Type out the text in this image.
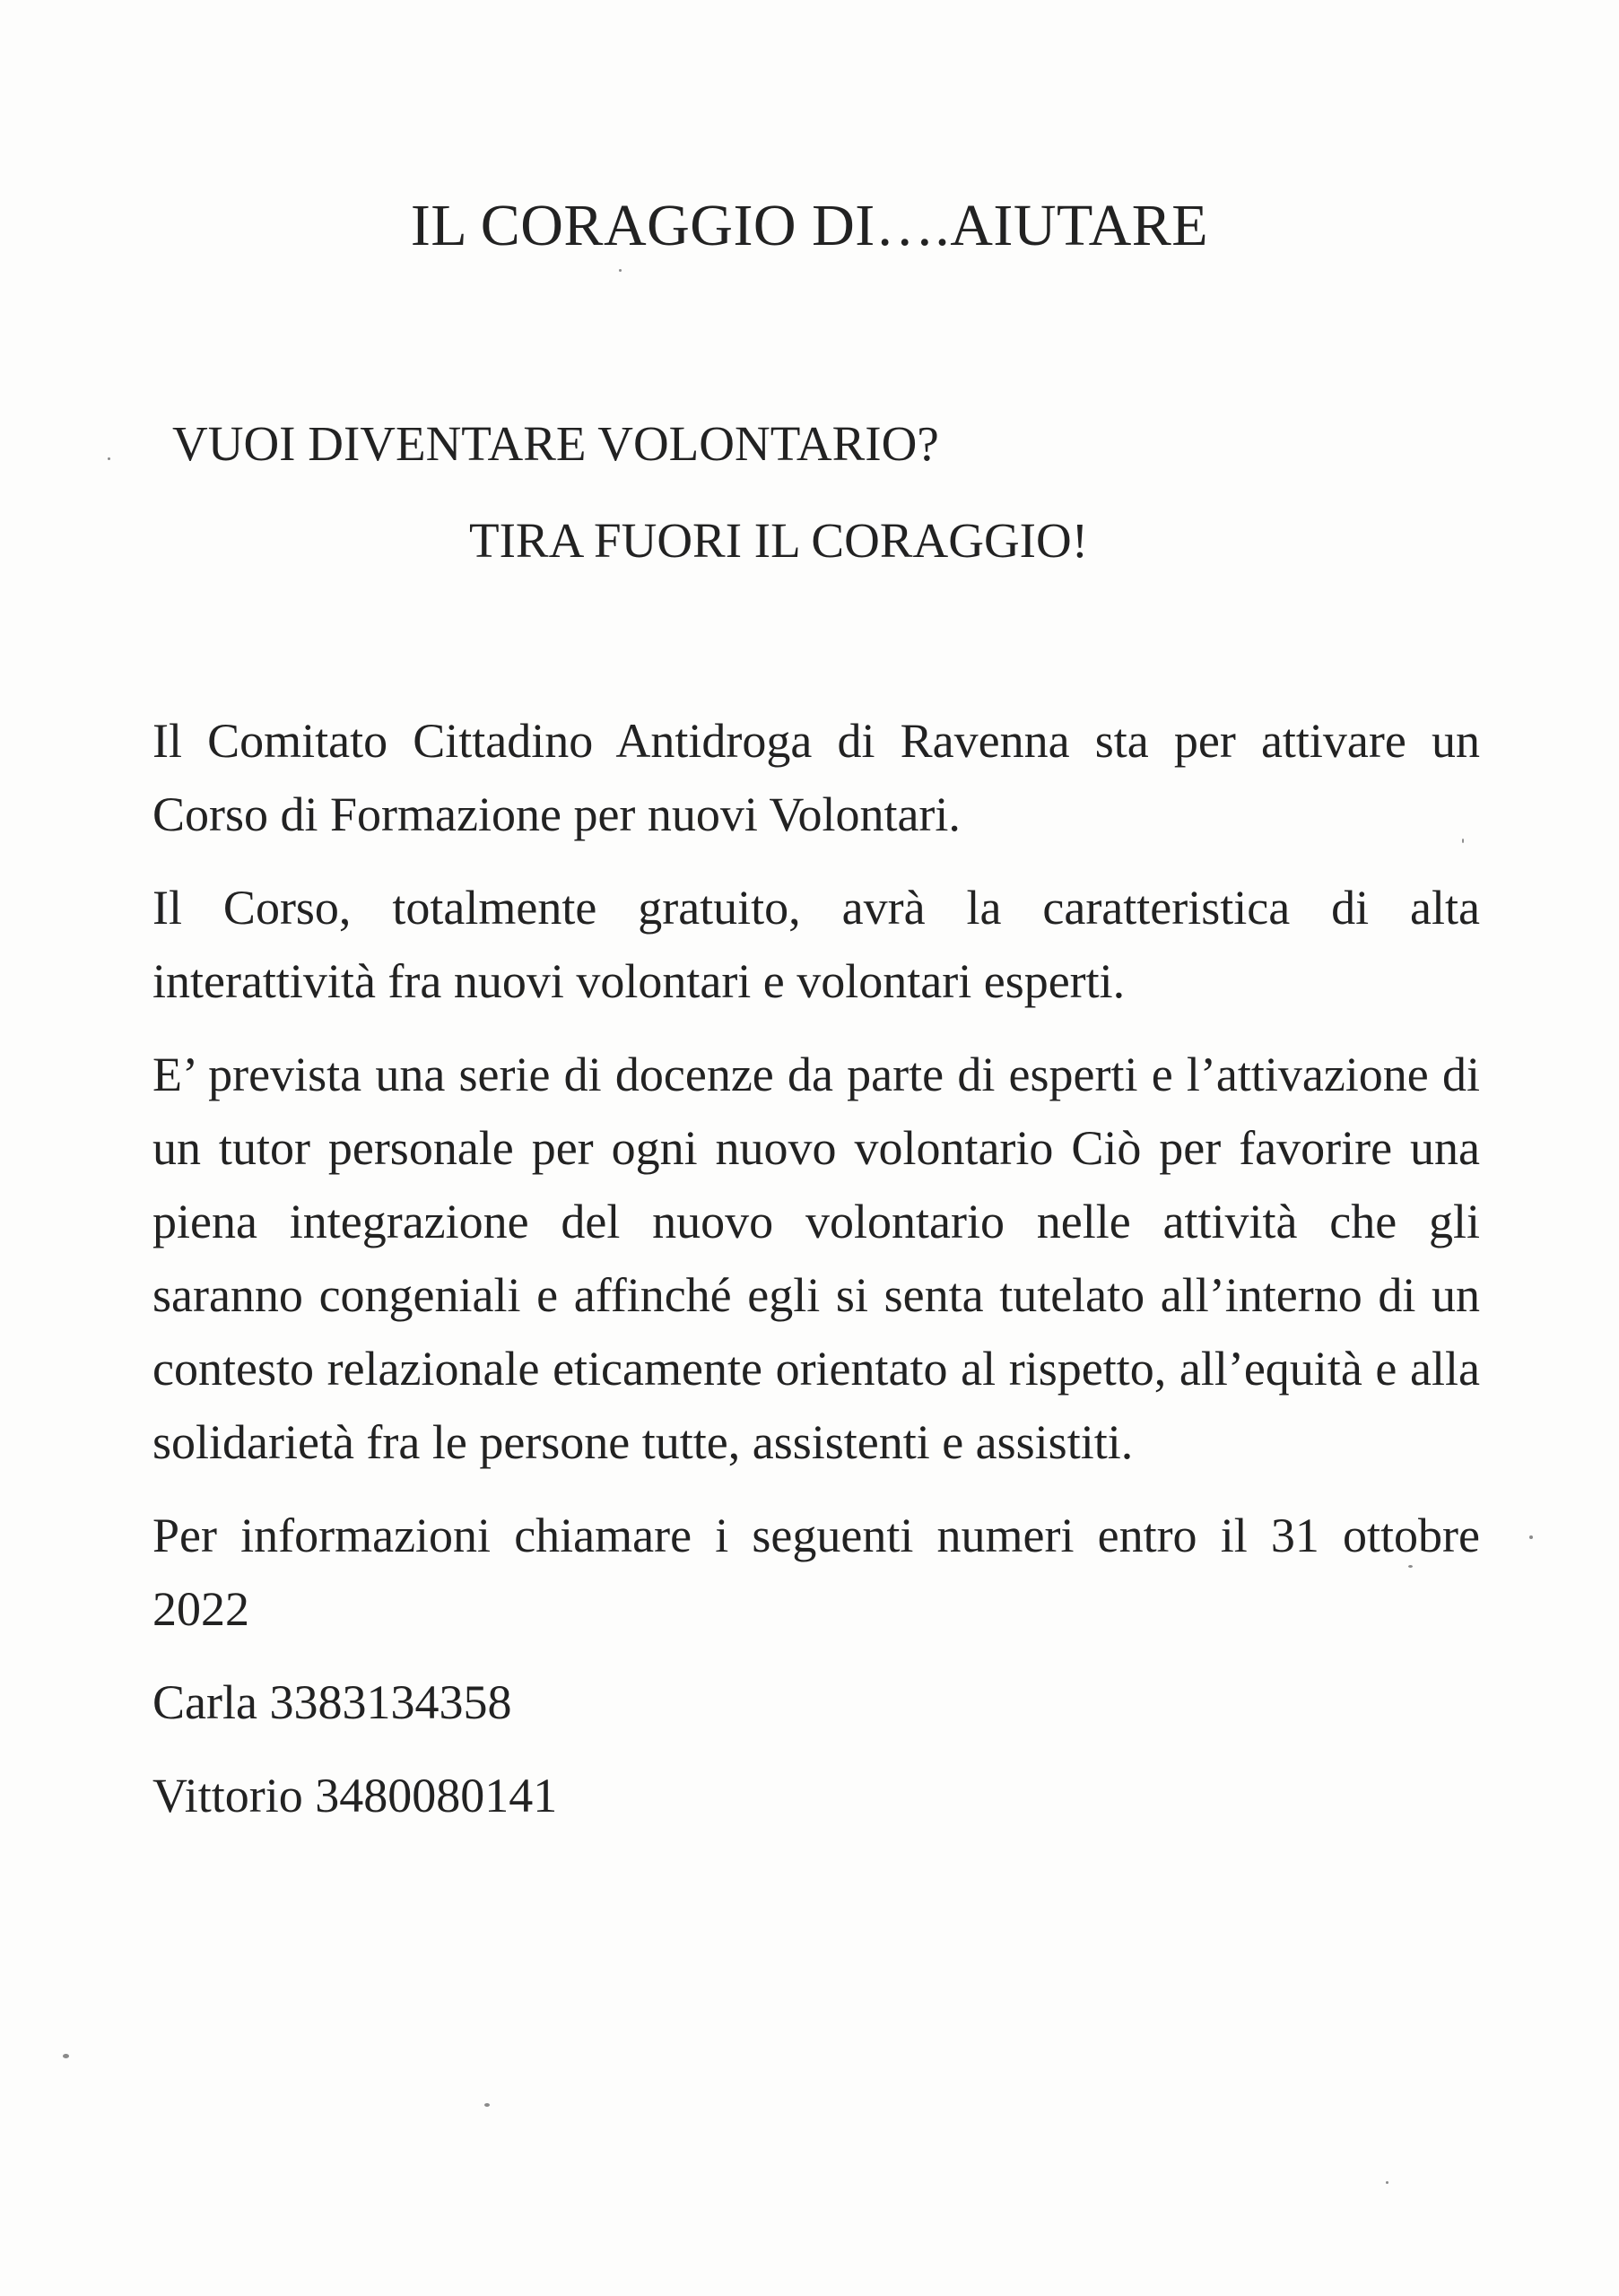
IL CORAGGIO DI….AIUTARE
VUOI DIVENTARE VOLONTARIO?
TIRA FUORI IL CORAGGIO!

Il Comitato Cittadino Antidroga di Ravenna sta per attivare un Corso di Formazione per nuovi Volontari.

Il Corso, totalmente gratuito, avrà la caratteristica di alta interattività fra nuovi volontari e volontari esperti.

E’ prevista una serie di docenze da parte di esperti e l’attivazione di un tutor personale per ogni nuovo volontario Ciò per favorire una piena integrazione del nuovo volontario nelle attività che gli saranno congeniali e affinché egli si senta tutelato all’interno di un contesto relazionale eticamente orientato al rispetto, all’equità e alla solidarietà fra le persone tutte, assistenti e assistiti.

Per informazioni chiamare i seguenti numeri entro il 31 ottobre 2022

Carla 3383134358

Vittorio 3480080141
